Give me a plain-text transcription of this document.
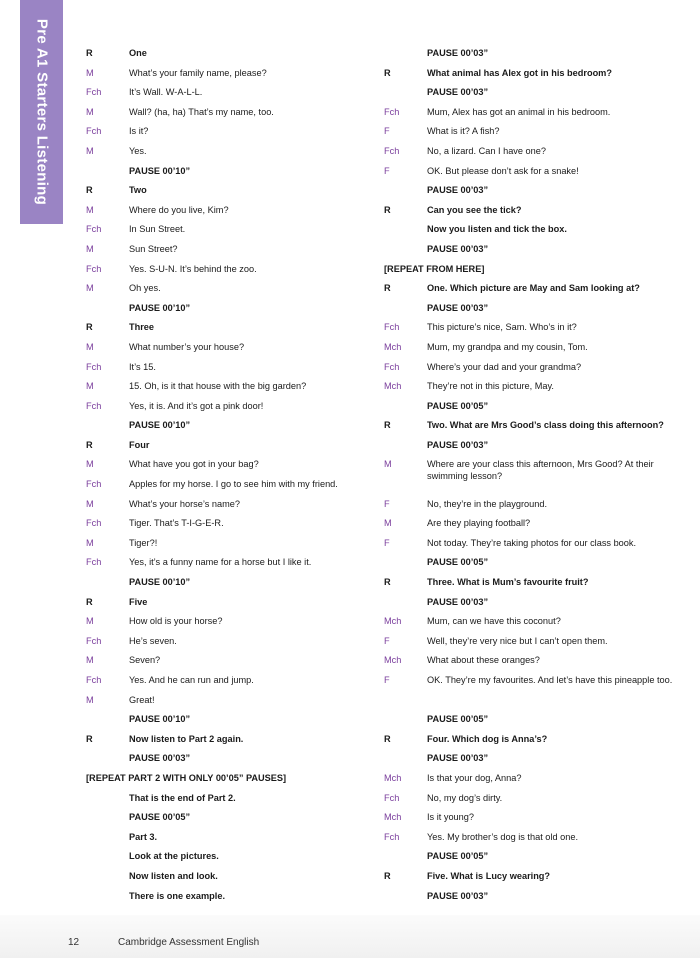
Pre A1 Starters Listening	R	One
M	What’s your family name, please?
Fch	It’s Wall. W-A-L-L.
M	Wall? (ha, ha) That’s my name, too.
Fch	Is it?
M	Yes.
PAUSE 00’10”
R	Two
M	Where do you live, Kim?
Fch	In Sun Street.
M	Sun Street?
Fch	Yes. S-U-N. It’s behind the zoo.
M	Oh yes.
PAUSE 00’10”
R	Three
M	What number’s your house?
Fch	It’s 15.
M	15. Oh, is it that house with the big garden?
Fch	Yes, it is. And it’s got a pink door!
PAUSE 00’10”
R	Four
M	What have you got in your bag?
Fch	Apples for my horse. I go to see him with my friend.
M	What’s your horse’s name?
Fch	Tiger. That’s T-I-G-E-R.
M	Tiger?!
Fch	Yes, it’s a funny name for a horse but I like it.
PAUSE 00’10”
R	Five
M	How old is your horse?
Fch	He’s seven.
M	Seven?
Fch	Yes. And he can run and jump.
M	Great!
PAUSE 00’10”
R	Now listen to Part 2 again.
PAUSE 00’03”
[REPEAT PART 2 WITH ONLY 00’05” PAUSES]
That is the end of Part 2.
PAUSE 00’05”
Part 3.
Look at the pictures.
Now listen and look.
There is one example.
PAUSE 00’03”
R	What animal has Alex got in his bedroom?
PAUSE 00’03”
Fch	Mum, Alex has got an animal in his bedroom.
F	What is it? A fish?
Fch	No, a lizard. Can I have one?
F	OK. But please don’t ask for a snake!
PAUSE 00’03”
R	Can you see the tick?
Now you listen and tick the box.
PAUSE 00’03”
[REPEAT FROM HERE]
R	One. Which picture are May and Sam looking at?
PAUSE 00’03”
Fch	This picture’s nice, Sam. Who’s in it?
Mch	Mum, my grandpa and my cousin, Tom.
Fch	Where’s your dad and your grandma?
Mch	They’re not in this picture, May.
PAUSE 00’05”
R	Two. What are Mrs Good’s class doing this afternoon?
PAUSE 00’03”
M	Where are your class this afternoon, Mrs Good? At their swimming lesson?
F	No, they’re in the playground.
M	Are they playing football?
F	Not today. They’re taking photos for our class book.
PAUSE 00’05”
R	Three. What is Mum’s favourite fruit?
PAUSE 00’03”
Mch	Mum, can we have this coconut?
F	Well, they’re very nice but I can’t open them.
Mch	What about these oranges?
F	OK. They’re my favourites. And let’s have this pineapple too.
PAUSE 00’05”
R	Four. Which dog is Anna’s?
PAUSE 00’03”
Mch	Is that your dog, Anna?
Fch	No, my dog’s dirty.
Mch	Is it young?
Fch	Yes. My brother’s dog is that old one.
PAUSE 00’05”
R	Five. What is Lucy wearing?
PAUSE 00’03”
12	Cambridge Assessment English
